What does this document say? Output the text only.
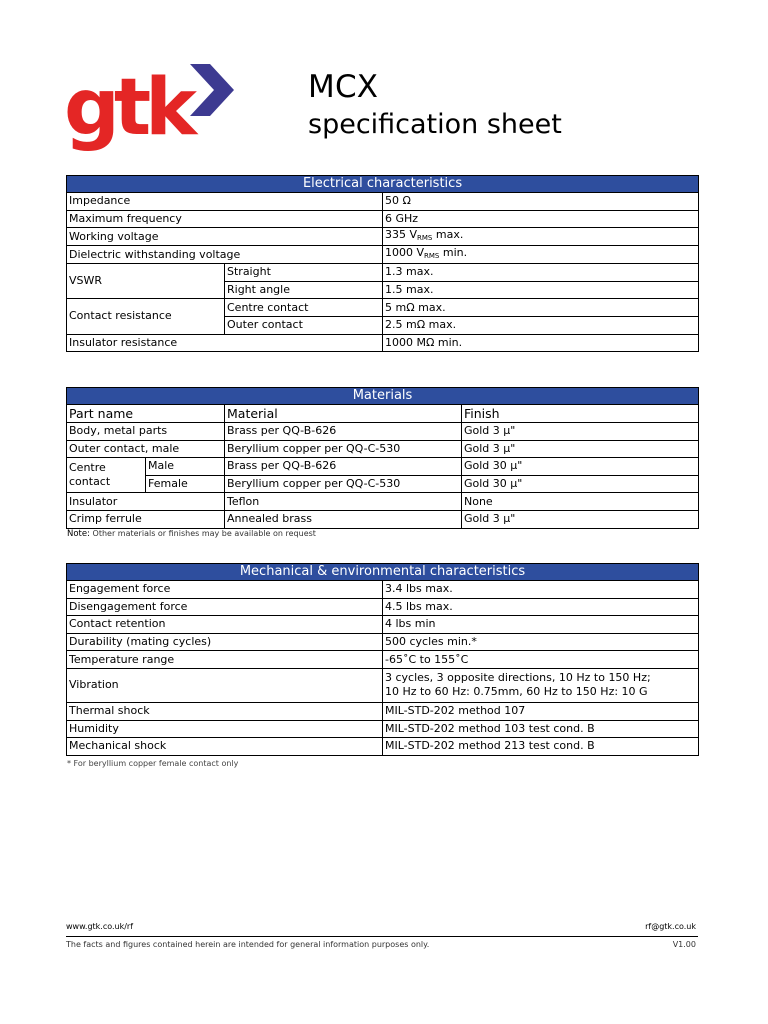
gtk	MCX
specification sheet
Electrical characteristics		
Impedance		50 Ω
Maximum frequency		6 GHz
Working voltage		335 $V_{RMS}$ max.
Dielectric withstanding voltage		1000 $V_{RMS}$ min.
VSWR	Straight	1.3 max.
	Right angle	1.5 max.
Contact resistance	Centre contact	5 mΩ max.
	Outer contact	2.5 mΩ max.
Insulator resistance		1000 MΩ min.
Materials			
Part name		Material	Finish
Body, metal parts		Brass per QQ-B-626	Gold 3 µ"
Outer contact, male		Beryllium copper per QQ-C-530	Gold 3 µ"
Centre contact	Male	Brass per QQ-B-626	Gold 30 µ"
	Female	Beryllium copper per QQ-C-530	Gold 30 µ"
Insulator		Teflon	None
Crimp ferrule		Annealed brass	Gold 3 µ"
Note: Other materials or finishes may be available on request
Mechanical & environmental characteristics	
Engagement force	3.4 lbs max.
Disengagement force	4.5 lbs max.
Contact retention	4 lbs min
Durability (mating cycles)	500 cycles min.*
Temperature range	-65˚C to 155˚C
Vibration	3 cycles, 3 opposite directions, 10 Hz to 150 Hz;
10 Hz to 60 Hz: 0.75mm, 60 Hz to 150 Hz: 10 G

Thermal shock	MIL-STD-202 method 107
Humidity	MIL-STD-202 method 103 test cond. B
Mechanical shock	MIL-STD-202 method 213 test cond. B
* For beryllium copper female contact only
www.gtk.co.uk/rf	rf@gtk.co.uk
The facts and figures contained herein are intended for general information purposes only.	V1.00
